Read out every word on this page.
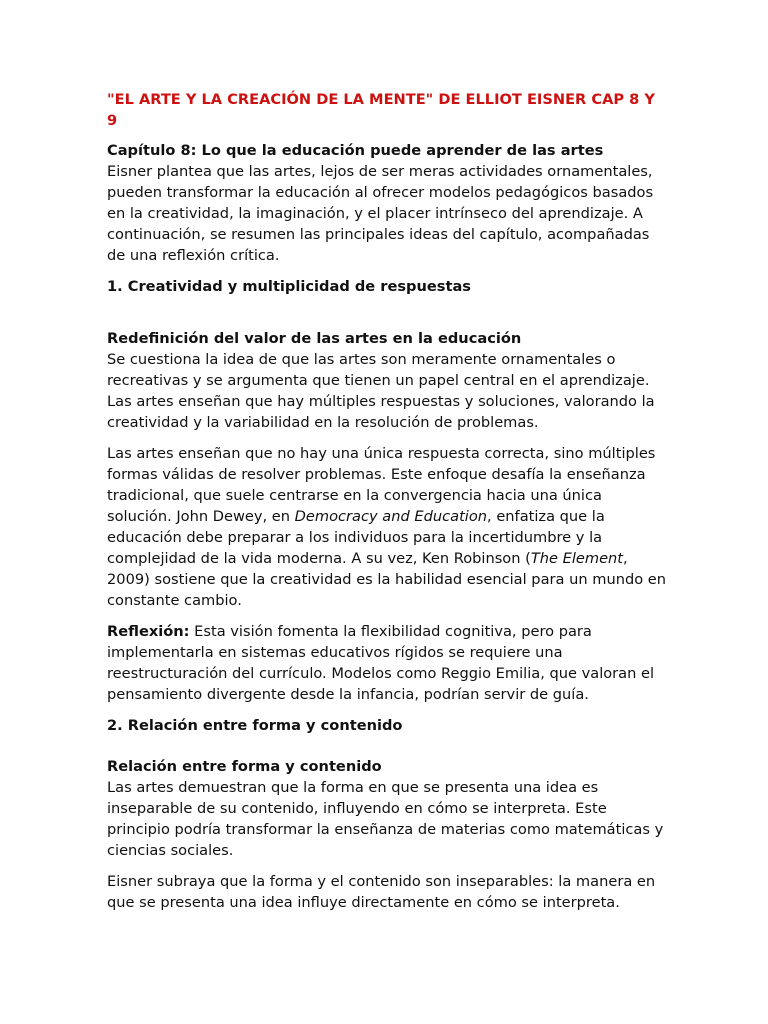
"EL ARTE Y LA CREACIÓN DE LA MENTE" DE ELLIOT EISNER CAP 8 Y 9

Capítulo 8: Lo que la educación puede aprender de las artes

Eisner plantea que las artes, lejos de ser meras actividades ornamentales, pueden transformar la educación al ofrecer modelos pedagógicos basados en la creatividad, la imaginación, y el placer intrínseco del aprendizaje. A continuación, se resumen las principales ideas del capítulo, acompañadas de una reflexión crítica.

1. Creatividad y multiplicidad de respuestas

Redefinición del valor de las artes en la educación

Se cuestiona la idea de que las artes son meramente ornamentales o recreativas y se argumenta que tienen un papel central en el aprendizaje. Las artes enseñan que hay múltiples respuestas y soluciones, valorando la creatividad y la variabilidad en la resolución de problemas.

Las artes enseñan que no hay una única respuesta correcta, sino múltiples formas válidas de resolver problemas. Este enfoque desafía la enseñanza tradicional, que suele centrarse en la convergencia hacia una única solución. John Dewey, en Democracy and Education, enfatiza que la educación debe preparar a los individuos para la incertidumbre y la complejidad de la vida moderna. A su vez, Ken Robinson (The Element, 2009) sostiene que la creatividad es la habilidad esencial para un mundo en constante cambio.

Reflexión: Esta visión fomenta la flexibilidad cognitiva, pero para implementarla en sistemas educativos rígidos se requiere una reestructuración del currículo. Modelos como Reggio Emilia, que valoran el pensamiento divergente desde la infancia, podrían servir de guía.

2. Relación entre forma y contenido

Relación entre forma y contenido

Las artes demuestran que la forma en que se presenta una idea es inseparable de su contenido, influyendo en cómo se interpreta. Este principio podría transformar la enseñanza de materias como matemáticas y ciencias sociales.

Eisner subraya que la forma y el contenido son inseparables: la manera en que se presenta una idea influye directamente en cómo se interpreta.
